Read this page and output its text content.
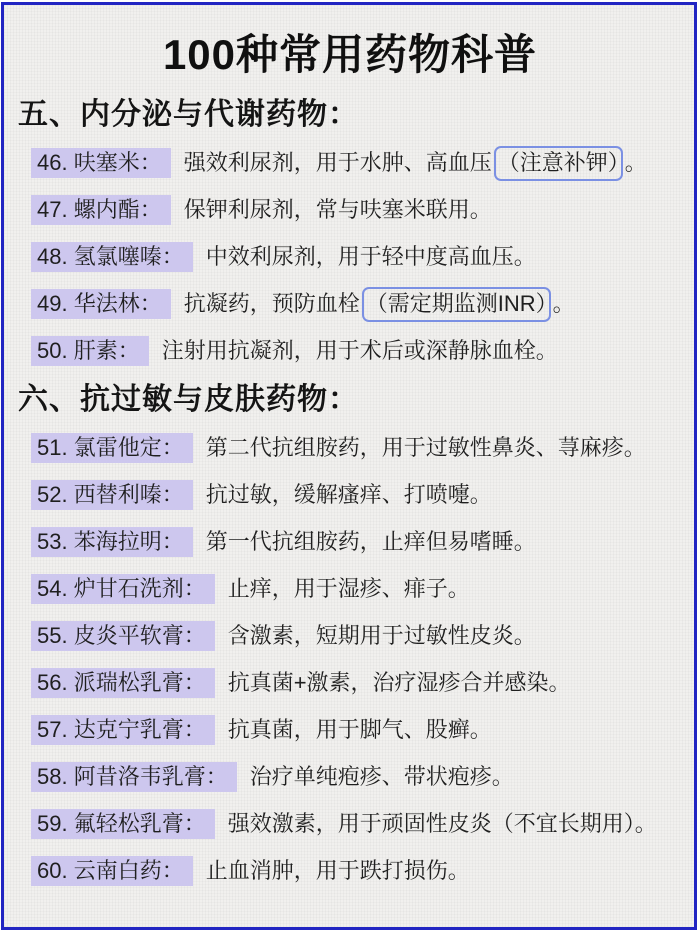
100种常用药物科普
五、内分泌与代谢药物：
46. 呋塞米： 强效利尿剂，用于水肿、高血压 （注意补钾） 。
47. 螺内酯： 保钾利尿剂，常与呋塞米联用。
48. 氢氯噻嗪： 中效利尿剂，用于轻中度高血压。
49. 华法林： 抗凝药，预防血栓 （需定期监测INR） 。
50. 肝素： 注射用抗凝剂，用于术后或深静脉血栓。
六、抗过敏与皮肤药物：
51. 氯雷他定： 第二代抗组胺药，用于过敏性鼻炎、荨麻疹。
52. 西替利嗪： 抗过敏，缓解瘙痒、打喷嚏。
53. 苯海拉明： 第一代抗组胺药，止痒但易嗜睡。
54. 炉甘石洗剂： 止痒，用于湿疹、痱子。
55. 皮炎平软膏： 含激素，短期用于过敏性皮炎。
56. 派瑞松乳膏： 抗真菌+激素，治疗湿疹合并感染。
57. 达克宁乳膏： 抗真菌，用于脚气、股癣。
58. 阿昔洛韦乳膏： 治疗单纯疱疹、带状疱疹。
59. 氟轻松乳膏： 强效激素，用于顽固性皮炎（不宜长期用）。
60. 云南白药： 止血消肿，用于跌打损伤。
